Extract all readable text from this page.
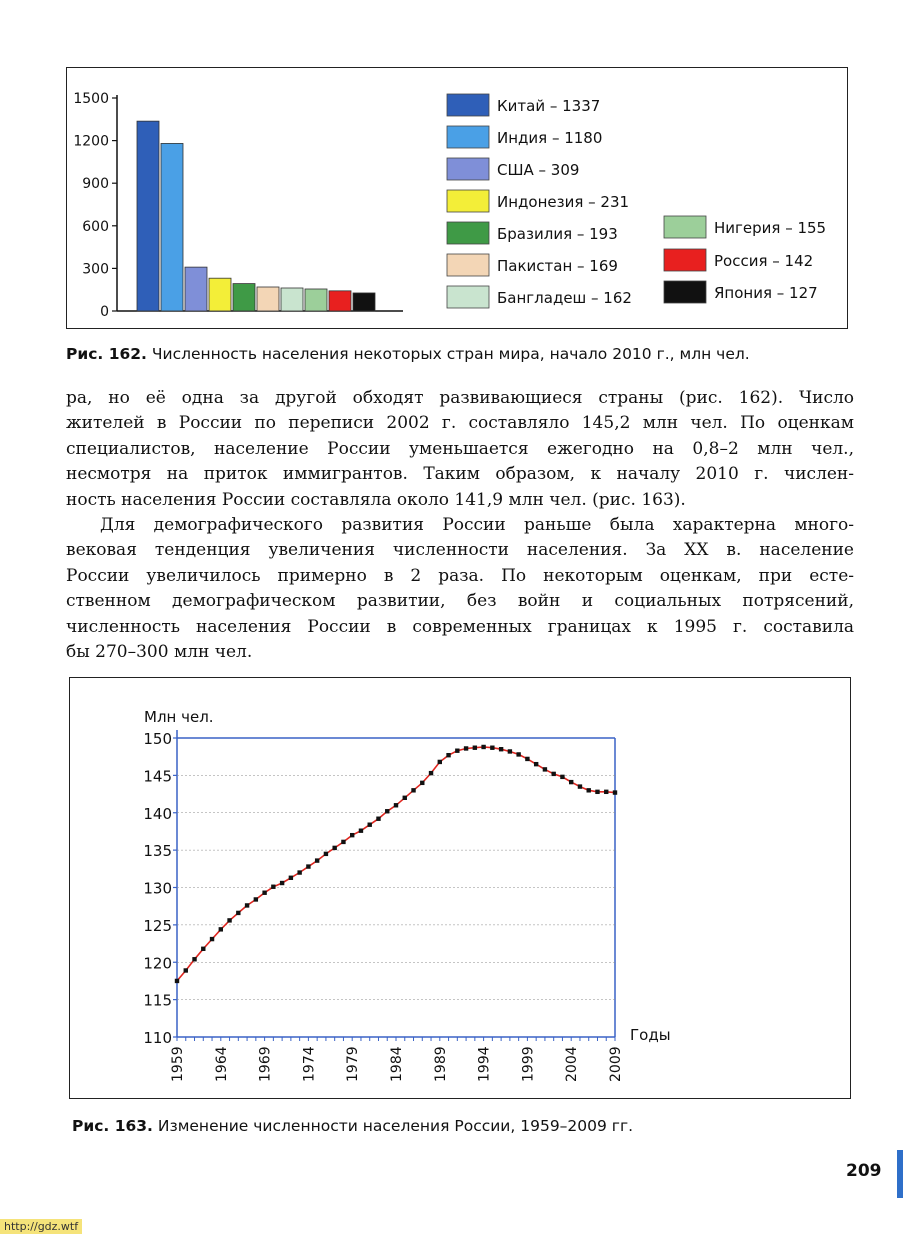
1500
1200
900
600
300
0
Китай – 1337
Индия – 1180
США – 309
Индонезия – 231
Бразилия – 193
Пакистан – 169
Бангладеш – 162
Нигерия – 155
Россия – 142
Япония – 127
Рис. 162. Численность населения некоторых стран мира, начало 2010 г., млн чел.
ра, но её одна за другой обходят развивающиеся страны (рис. 162). Число
жителей в России по переписи 2002 г. составляло 145,2 млн чел. По оценкам
специалистов, население России уменьшается ежегодно на 0,8–2 млн чел.,
несмотря на приток иммигрантов. Таким образом, к началу 2010 г. числен-
ность населения России составляла около 141,9 млн чел. (рис. 163).
Для демографического развития России раньше была характерна много-
вековая тенденция увеличения численности населения. За XX в. население
России увеличилось примерно в 2 раза. По некоторым оценкам, при есте-
ственном демографическом развитии, без войн и социальных потрясений,
численность населения России в современных границах к 1995 г. составила
бы 270–300 млн чел.
150
145
140
135
130
125
120
115
110
1959 1964 1969 1974 1979 1984 1989 1994 1999 2004 2009
Млн чел.
Годы
Рис. 163. Изменение численности населения России, 1959–2009 гг.
209
http://gdz.wtf
